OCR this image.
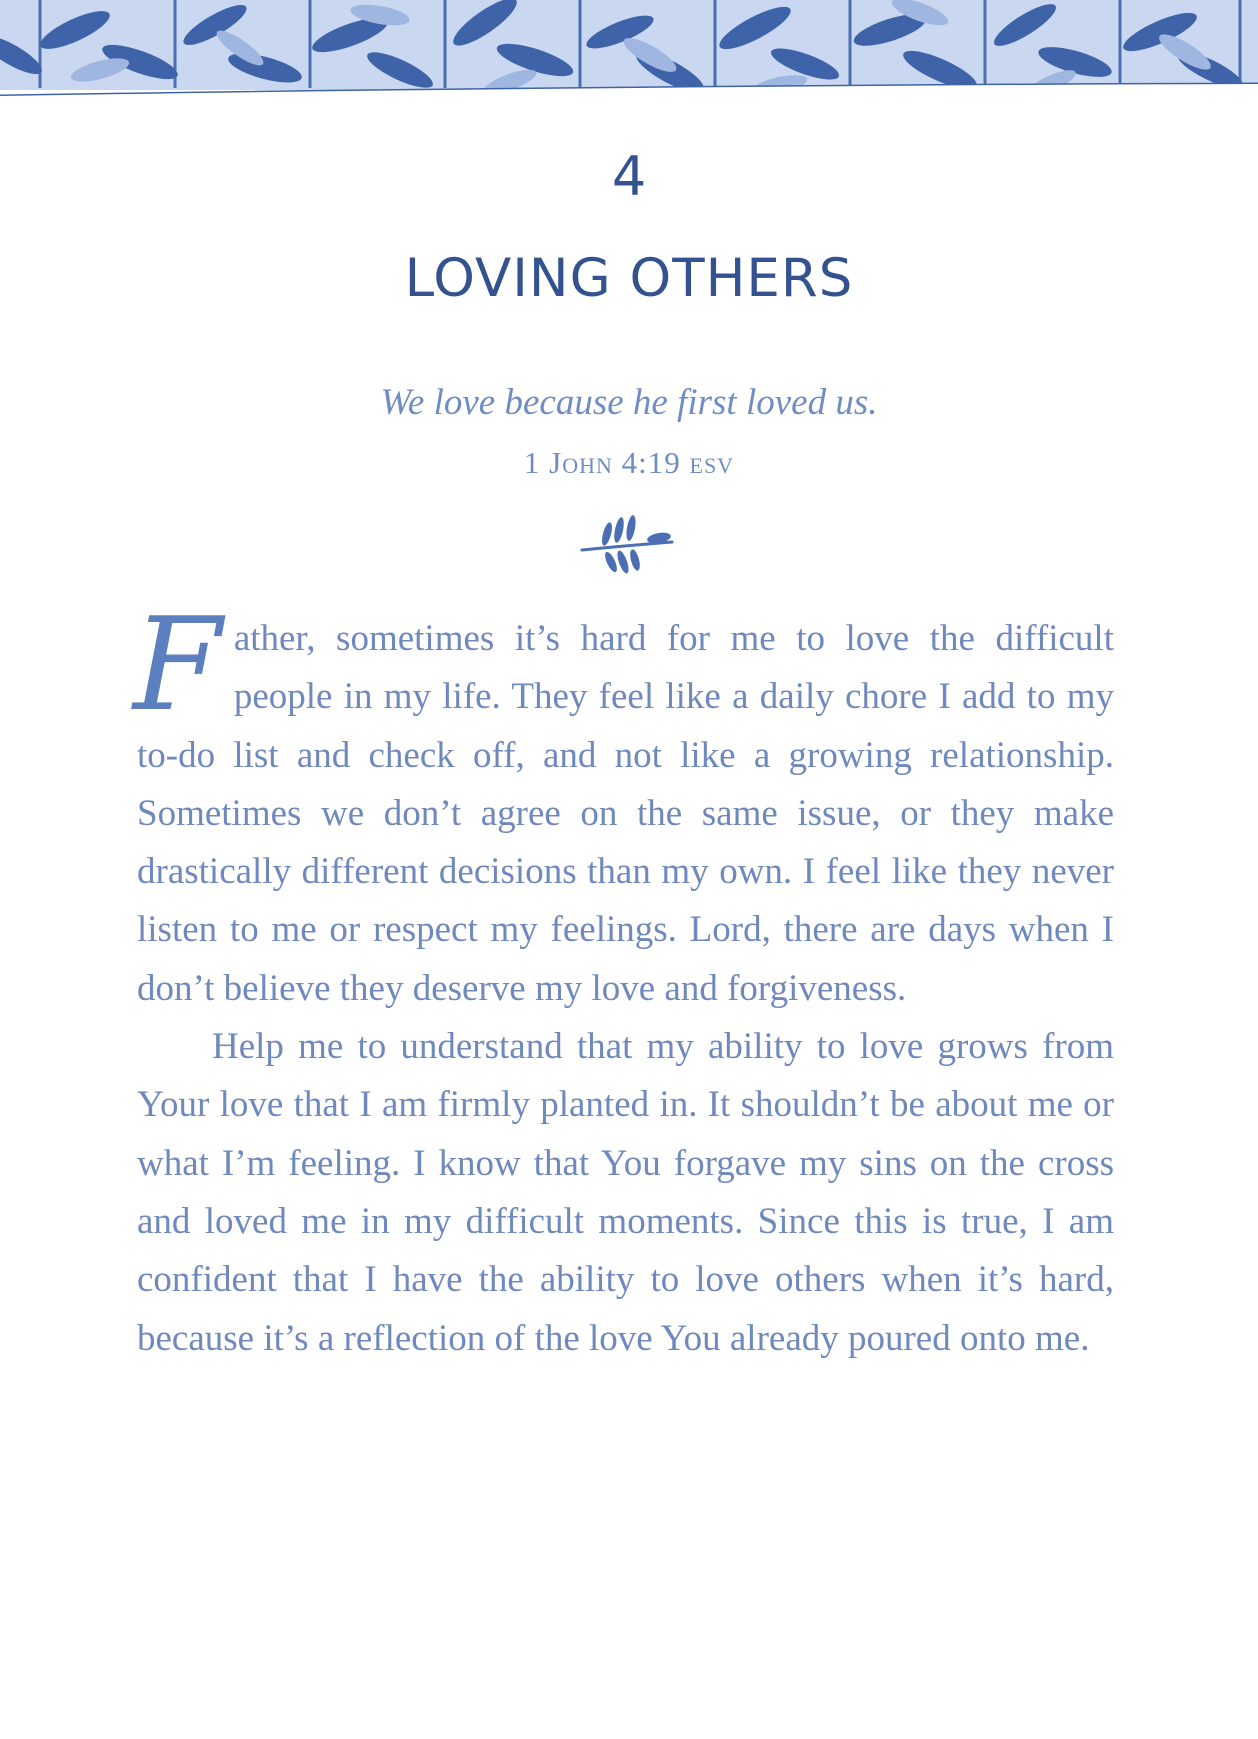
4
LOVING OTHERS
We love because he first loved us.
1 John 4:19 esv

Father, sometimes it’s hard for me to love the difficult people in my life. They feel like a daily chore I add to my to-do list and check off, and not like a growing relationship. Sometimes we don’t agree on the same issue, or they make drastically different decisions than my own. I feel like they never listen to me or respect my feelings. Lord, there are days when I don’t believe they deserve my love and forgiveness.

Help me to understand that my ability to love grows from Your love that I am firmly planted in. It shouldn’t be about me or what I’m feeling. I know that You forgave my sins on the cross and loved me in my difficult moments. Since this is true, I am confident that I have the ability to love others when it’s hard, because it’s a reflection of the love You already poured onto me.
